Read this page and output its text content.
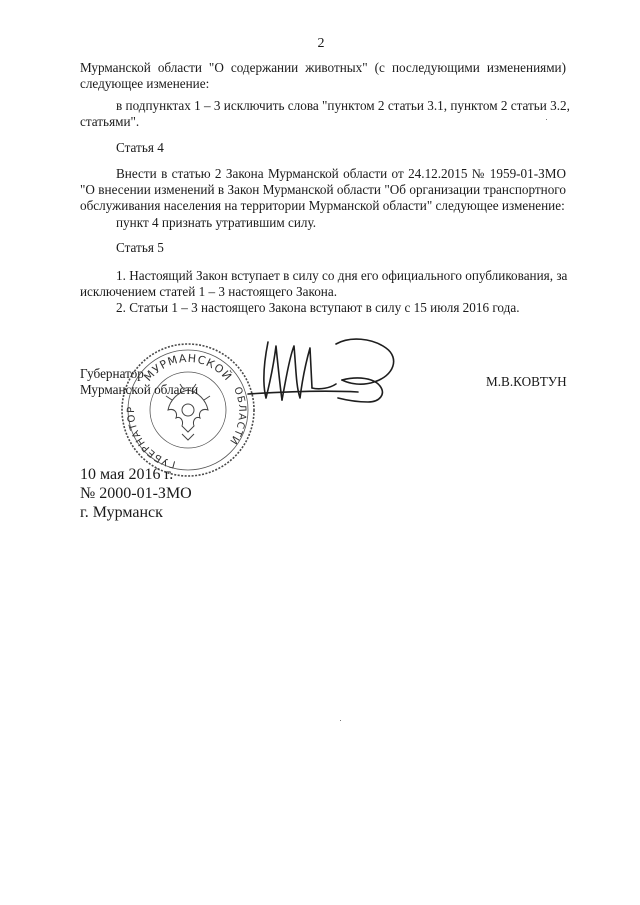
2
Мурманской области "О содержании животных" (с последующими изменениями)
следующее изменение:
в подпунктах 1 – 3 исключить слова "пунктом 2 статьи 3.1, пунктом 2 статьи 3.2,
статьями".
Статья 4
Внести в статью 2 Закона Мурманской области от 24.12.2015 № 1959-01-ЗМО
"О внесении изменений в Закон Мурманской области "Об организации транспортного
обслуживания населения на территории Мурманской области" следующее изменение:
пункт 4 признать утратившим силу.
Статья 5
1. Настоящий Закон вступает в силу со дня его официального опубликования, за
исключением статей 1 – 3 настоящего Закона.
2. Статьи 1 – 3 настоящего Закона вступают в силу с 15 июля 2016 года.
МУРМАНСКОЙ
ГУБЕРНАТОР
ОБЛАСТИ
Губернатор
Мурманской области
М.В.КОВТУН
10 мая 2016 г.
№ 2000-01-ЗМО
г. Мурманск
